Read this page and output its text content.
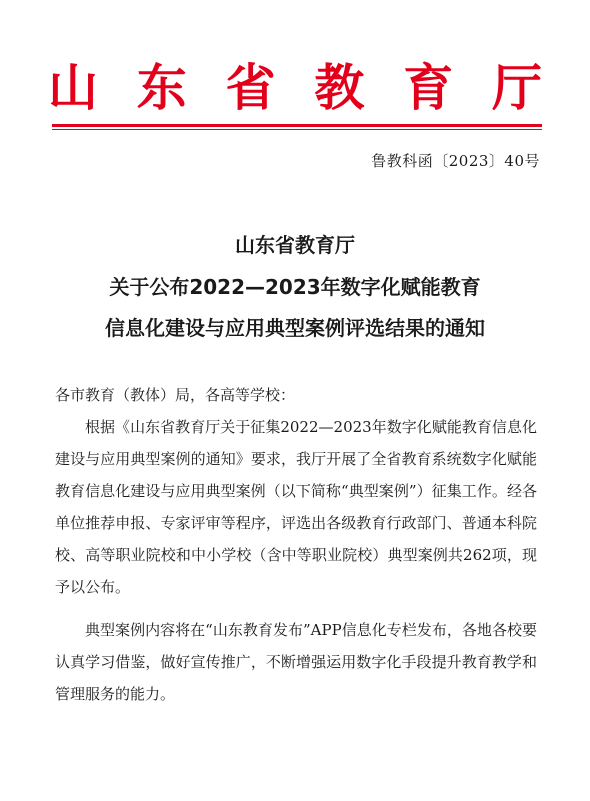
山 东 省 教 育 厅
鲁教科函〔2023〕40号
山东省教育厅
关于公布2022—2023年数字化赋能教育
信息化建设与应用典型案例评选结果的通知
各市教育（教体）局，各高等学校：
根据《山东省教育厅关于征集2022—2023年数字化赋能教育信息化建设与应用典型案例的通知》要求，我厅开展了全省教育系统数字化赋能教育信息化建设与应用典型案例（以下简称“典型案例”）征集工作。经各单位推荐申报、专家评审等程序，评选出各级教育行政部门、普通本科院校、高等职业院校和中小学校（含中等职业院校）典型案例共262项，现予以公布。
典型案例内容将在“山东教育发布”APP信息化专栏发布，各地各校要认真学习借鉴，做好宣传推广，不断增强运用数字化手段提升教育教学和管理服务的能力。
